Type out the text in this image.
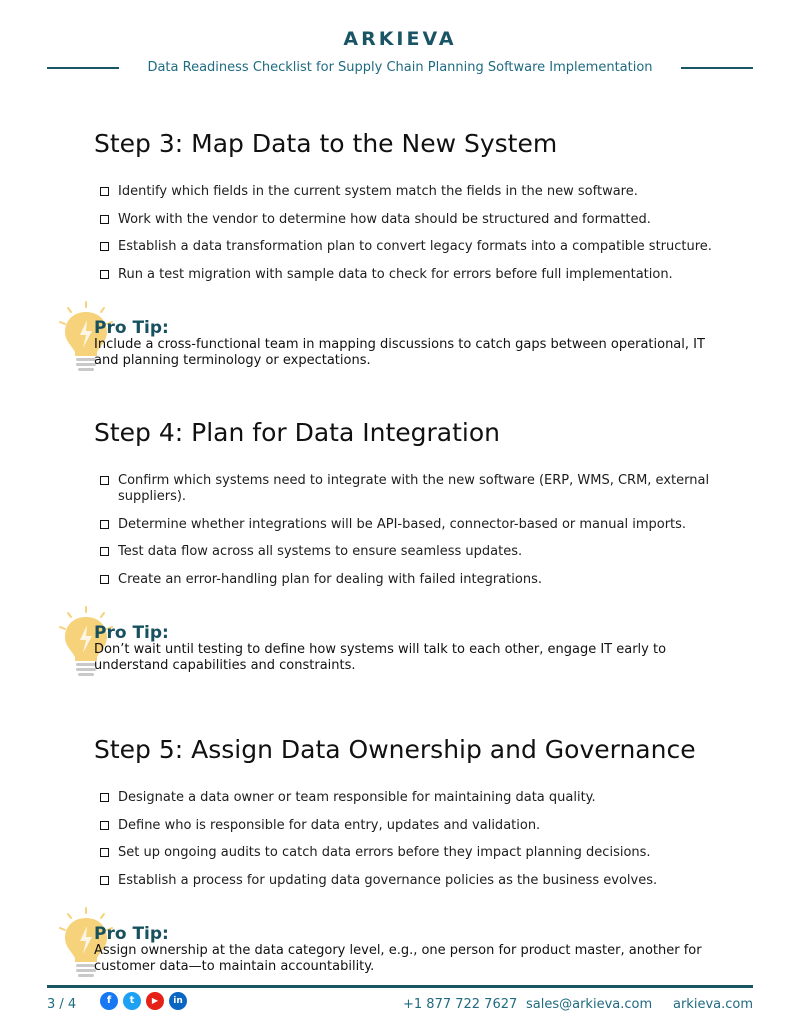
ARKIEVA
Data Readiness Checklist for Supply Chain Planning Software Implementation
Step 3: Map Data to the New System
Identify which fields in the current system match the fields in the new software.
Work with the vendor to determine how data should be structured and formatted.
Establish a data transformation plan to convert legacy formats into a compatible structure.
Run a test migration with sample data to check for errors before full implementation.
Pro Tip:
Include a cross-functional team in mapping discussions to catch gaps between operational, IT and planning terminology or expectations.
Step 4: Plan for Data Integration
Confirm which systems need to integrate with the new software (ERP, WMS, CRM, external suppliers).
Determine whether integrations will be API-based, connector-based or manual imports.
Test data flow across all systems to ensure seamless updates.
Create an error-handling plan for dealing with failed integrations.
Pro Tip:
Don’t wait until testing to define how systems will talk to each other, engage IT early to understand capabilities and constraints.
Step 5: Assign Data Ownership and Governance
Designate a data owner or team responsible for maintaining data quality.
Define who is responsible for data entry, updates and validation.
Set up ongoing audits to catch data errors before they impact planning decisions.
Establish a process for updating data governance policies as the business evolves.
Pro Tip:
Assign ownership at the data category level, e.g., one person for product master, another for customer data—to maintain accountability.
3 / 4	f	t	▶	in	+1 877 722 7627 sales@arkieva.com arkieva.com
